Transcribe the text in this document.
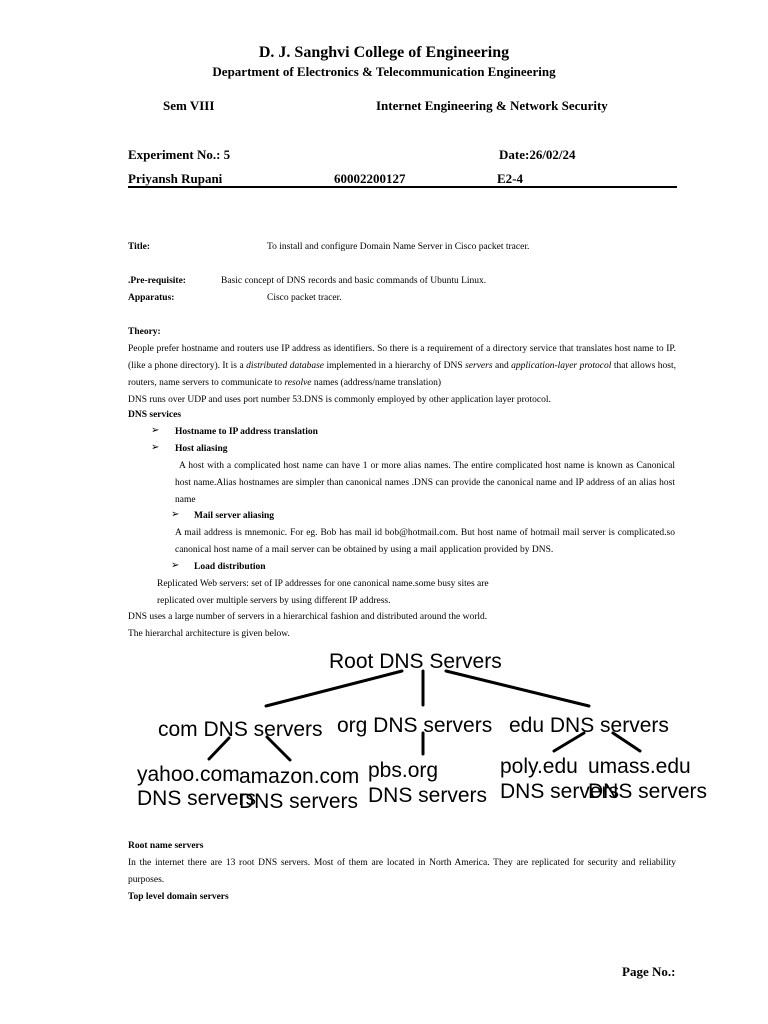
D. J. Sanghvi College of Engineering
Department of Electronics & Telecommunication Engineering
Sem VIII	Internet Engineering & Network Security
Experiment No.: 5	Date:26/02/24
Priyansh Rupani	60002200127	E2-4
Title:	To install and configure Domain Name Server in Cisco packet tracer.
.Pre-requisite:	Basic concept of DNS records and basic commands of Ubuntu Linux.
Apparatus:	Cisco packet tracer.
Theory:
People prefer hostname and routers use IP address as identifiers. So there is a requirement of a directory service that translates host name to IP. (like a phone directory). It is a distributed database implemented in a hierarchy of DNS servers and application-layer protocol that allows host, routers, name servers to communicate to resolve names (address/name translation)
DNS runs over UDP and uses port number 53.DNS is commonly employed by other application layer protocol.
DNS services
➢ Hostname to IP address translation
➢ Host aliasing
A host with a complicated host name can have 1 or more alias names. The entire complicated host name is known as Canonical host name.Alias hostnames are simpler than canonical names .DNS can provide the canonical name and IP address of an alias host name
➢ Mail server aliasing
A mail address is mnemonic. For eg. Bob has mail id bob@hotmail.com. But host name of hotmail mail server is complicated.so canonical host name of a mail server can be obtained by using a mail application provided by DNS.
➢ Load distribution
Replicated Web servers: set of IP addresses for one canonical name.some busy sites are
replicated over multiple servers by using different IP address.
DNS uses a large number of servers in a hierarchical fashion and distributed around the world.
The hierarchal architecture is given below.
Root DNS Servers
com DNS servers org DNS servers edu DNS servers
yahoo.com
DNS servers
amazon.com
DNS servers
pbs.org
DNS servers
poly.edu
DNS servers
umass.edu
DNS servers
Root name servers
In the internet there are 13 root DNS servers. Most of them are located in North America. They are replicated for security and reliability purposes.
Top level domain servers
Page No.:
